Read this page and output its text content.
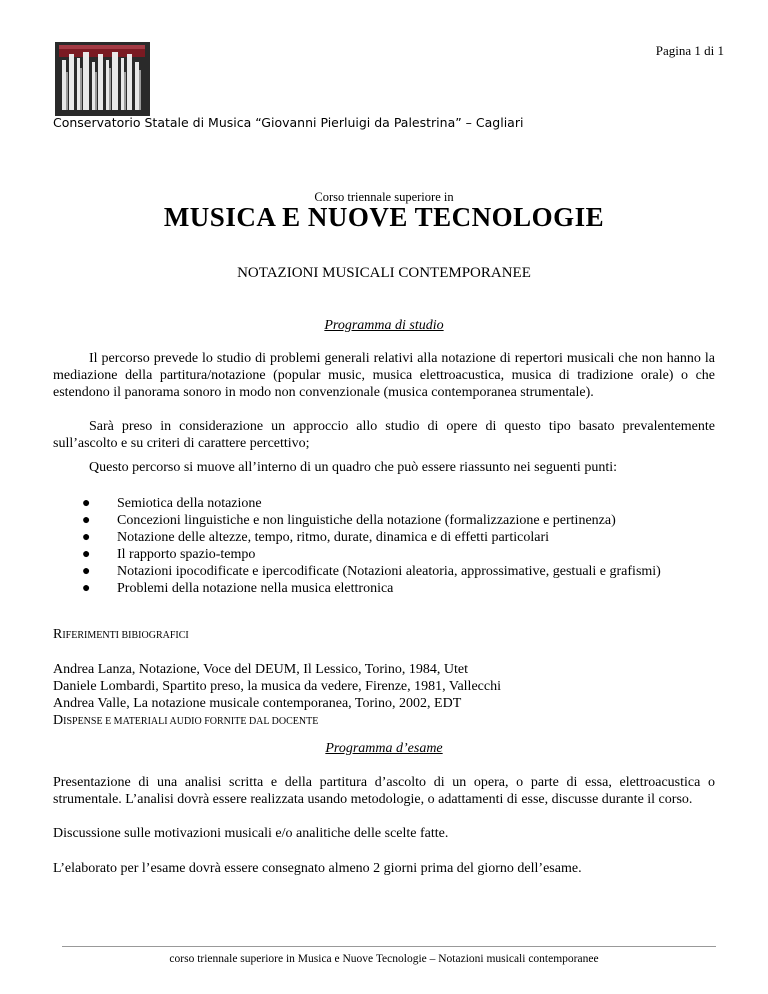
Pagina 1 di 1
Conservatorio Statale di Musica “Giovanni Pierluigi da Palestrina” – Cagliari
Corso triennale superiore in
MUSICA E NUOVE TECNOLOGIE
NOTAZIONI MUSICALI CONTEMPORANEE
Programma di studio
Il percorso prevede lo studio di problemi generali relativi alla notazione di repertori musicali che non hanno la mediazione della partitura/notazione (popular music, musica elettroacustica, musica di tradizione orale) o che estendono il panorama sonoro in modo non convenzionale (musica contemporanea strumentale).
Sarà preso in considerazione un approccio allo studio di opere di questo tipo basato prevalentemente sull’ascolto e su criteri di carattere percettivo;
Questo percorso si muove all’interno di un quadro che può essere riassunto nei seguenti punti:
● Semiotica della notazione
● Concezioni linguistiche e non linguistiche della notazione (formalizzazione e pertinenza)
● Notazione delle altezze, tempo, ritmo, durate, dinamica e di effetti particolari
● Il rapporto spazio-tempo
● Notazioni ipocodificate e ipercodificate (Notazioni aleatoria, approssimative, gestuali e grafismi)
● Problemi della notazione nella musica elettronica
RIFERIMENTI BIBIOGRAFICI
Andrea Lanza, Notazione, Voce del DEUM, Il Lessico, Torino, 1984, Utet
Daniele Lombardi, Spartito preso, la musica da vedere, Firenze, 1981, Vallecchi
Andrea Valle, La notazione musicale contemporanea, Torino, 2002, EDT
DISPENSE E MATERIALI AUDIO FORNITE DAL DOCENTE
Programma d’esame
Presentazione di una analisi scritta e della partitura d’ascolto di un opera, o parte di essa, elettroacustica o strumentale. L’analisi dovrà essere realizzata usando metodologie, o adattamenti di esse, discusse durante il corso.
Discussione sulle motivazioni musicali e/o analitiche delle scelte fatte.
L’elaborato per l’esame dovrà essere consegnato almeno 2 giorni prima del giorno dell’esame.
corso triennale superiore in Musica e Nuove Tecnologie – Notazioni musicali contemporanee
